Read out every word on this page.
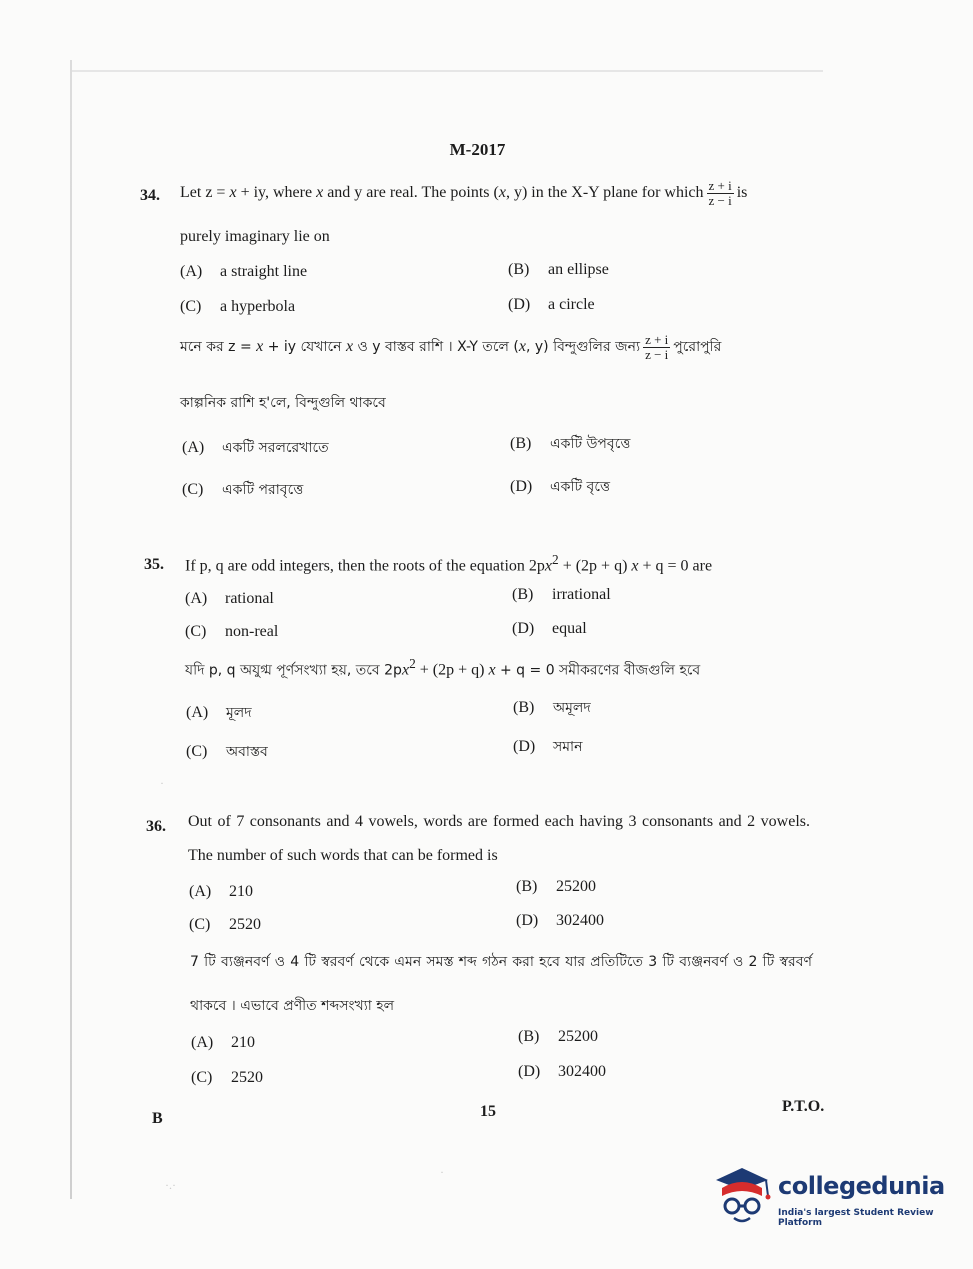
M-2017
34. Let z = x + iy, where x and y are real. The points (x, y) in the X-Y plane for which $\frac{z + i}{z - i}$ is
purely imaginary lie on
(A) a straight line	(B) an ellipse
(C) a hyperbola	(D) a circle
মনে কর z = x + iy যেখানে x ও y বাস্তব রাশি । X-Y তলে (x, y) বিন্দুগুলির জন্য $\frac{z + i}{z - i}$ পুরোপুরি
কাল্পনিক রাশি হ'লে, বিন্দুগুলি থাকবে
(A) একটি সরলরেখাতে	(B) একটি উপবৃত্তে
(C) একটি পরাবৃত্তে	(D) একটি বৃত্তে
35. If p, q are odd integers, then the roots of the equation $2px^2 + (2p + q) x + q = 0$ are
(A) rational	(B) irrational
(C) non-real	(D) equal
যদি p, q অযুগ্ম পূর্ণসংখ্যা হয়, তবে $2px^2 + (2p + q) x + q = 0$ সমীকরণের বীজগুলি হবে
(A) মূলদ	(B) অমূলদ
(C) অবাস্তব	(D) সমান
·
36. Out of 7 consonants and 4 vowels, words are formed each having 3 consonants and 2 vowels. The number of such words that can be formed is
(A) 210	(B) 25200
(C) 2520	(D) 302400
7 টি ব্যঞ্জনবর্ণ ও 4 টি স্বরবর্ণ থেকে এমন সমস্ত শব্দ গঠন করা হবে যার প্রতিটিতে 3 টি ব্যঞ্জনবর্ণ ও 2 টি স্বরবর্ণ থাকবে । এভাবে প্রণীত শব্দসংখ্যা হল
(A) 210	(B) 25200
(C) 2520	(D) 302400
B	15	P.T.O.
·.·
·	collegedunia
India's largest Student Review Platform
